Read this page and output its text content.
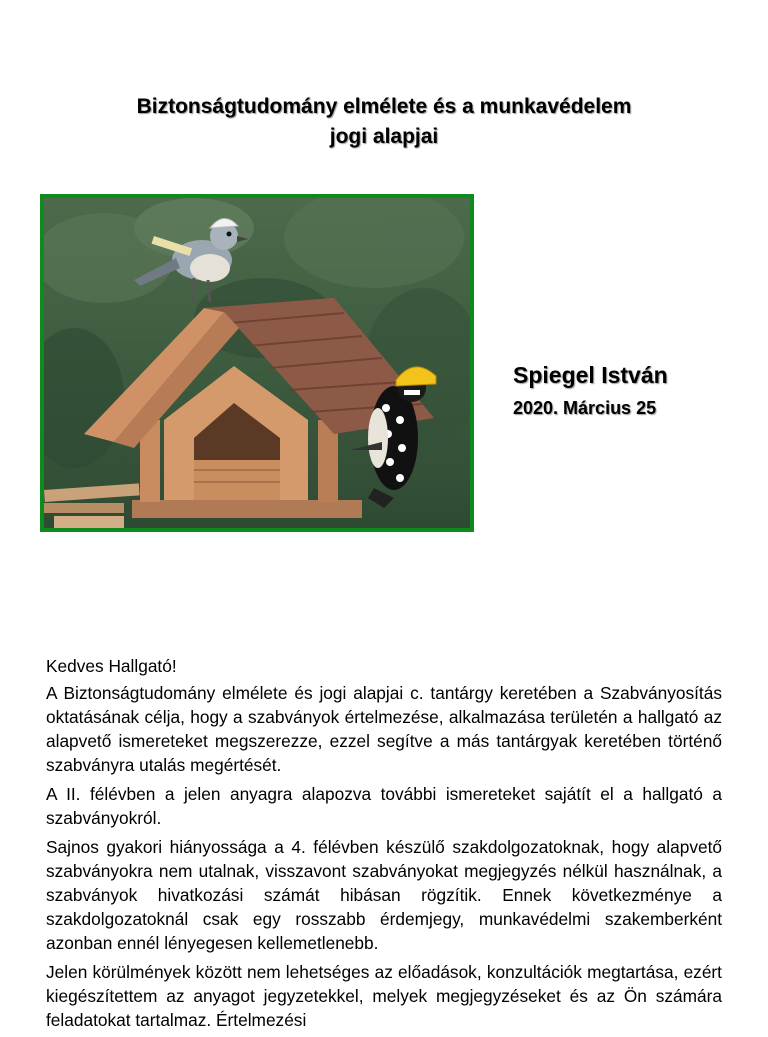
Biztonságtudomány elmélete és a munkavédelem
jogi alapjai
Spiegel István
2020. Március 25

Kedves Hallgató!

A Biztonságtudomány elmélete és jogi alapjai c. tantárgy keretében a Szabványosítás oktatásának célja, hogy a szabványok értelmezése, alkalmazása területén a hallgató az alapvető ismereteket megszerezze, ezzel segítve a más tantárgyak keretében történő szabványra utalás megértését.

A II. félévben a jelen anyagra alapozva további ismereteket sajátít el a hallgató a szabványokról.

Sajnos gyakori hiányossága a 4. félévben készülő szakdolgozatoknak, hogy alapvető szabványokra nem utalnak, visszavont szabványokat megjegyzés nélkül használnak, a szabványok hivatkozási számát hibásan rögzítik. Ennek következménye a szakdolgozatoknál csak egy rosszabb érdemjegy, munkavédelmi szakemberként azonban ennél lényegesen kellemetlenebb.

Jelen körülmények között nem lehetséges az előadások, konzultációk megtartása, ezért kiegészítettem az anyagot jegyzetekkel, melyek megjegyzéseket és az Ön számára feladatokat tartalmaz. Értelmezési
